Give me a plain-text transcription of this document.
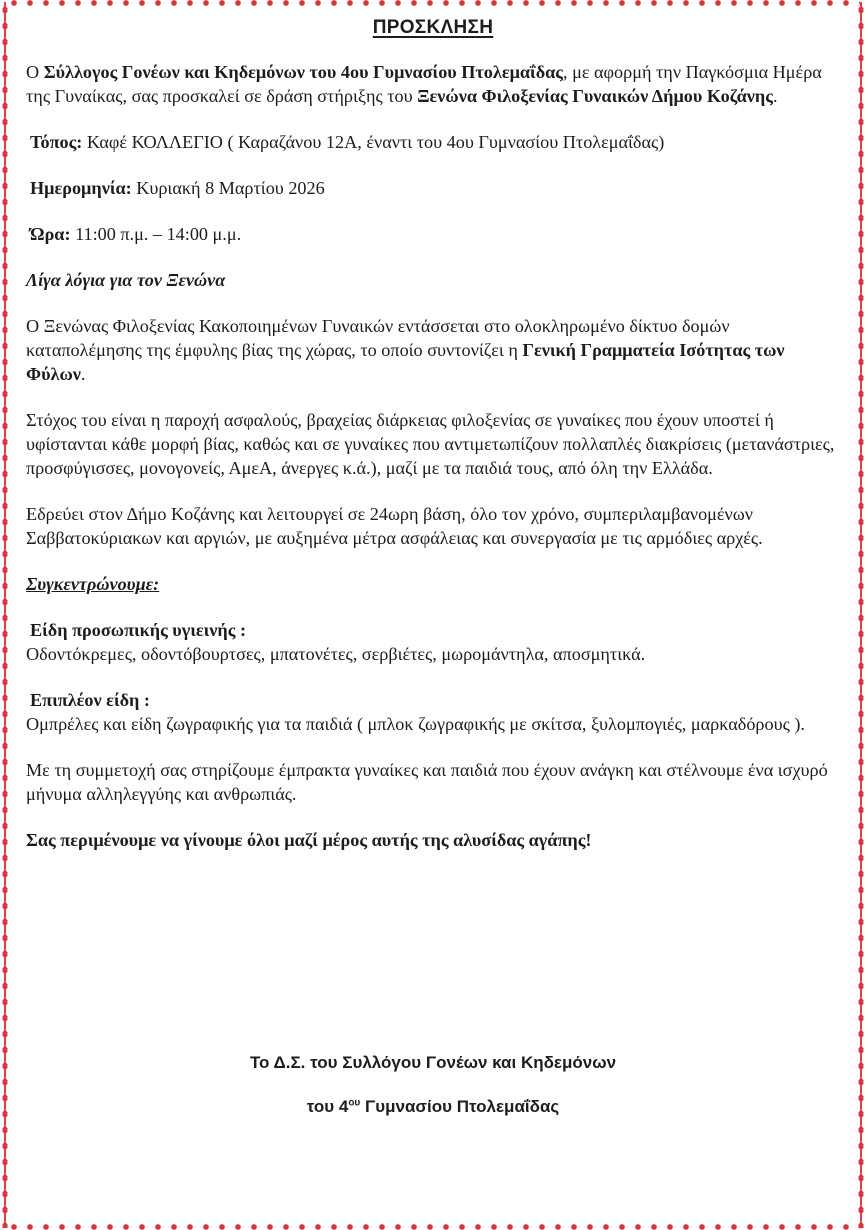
ΠΡΟΣΚΛΗΣΗ

Ο Σύλλογος Γονέων και Κηδεμόνων του 4ου Γυμνασίου Πτολεμαΐδας, με αφορμή την Παγκόσμια Ημέρα της Γυναίκας, σας προσκαλεί σε δράση στήριξης του Ξενώνα Φιλοξενίας Γυναικών Δήμου Κοζάνης.

Τόπος: Καφέ ΚΟΛΛΕΓΙΟ ( Καραζάνου 12Α, έναντι του 4ου Γυμνασίου Πτολεμαΐδας)

Ημερομηνία: Κυριακή 8 Μαρτίου 2026

Ώρα: 11:00 π.μ. – 14:00 μ.μ.

Λίγα λόγια για τον Ξενώνα

Ο Ξενώνας Φιλοξενίας Κακοποιημένων Γυναικών εντάσσεται στο ολοκληρωμένο δίκτυο δομών καταπολέμησης της έμφυλης βίας της χώρας, το οποίο συντονίζει η Γενική Γραμματεία Ισότητας των Φύλων.

Στόχος του είναι η παροχή ασφαλούς, βραχείας διάρκειας φιλοξενίας σε γυναίκες που έχουν υποστεί ή υφίστανται κάθε μορφή βίας, καθώς και σε γυναίκες που αντιμετωπίζουν πολλαπλές διακρίσεις (μετανάστριες, προσφύγισσες, μονογονείς, ΑμεΑ, άνεργες κ.ά.), μαζί με τα παιδιά τους, από όλη την Ελλάδα.

Εδρεύει στον Δήμο Κοζάνης και λειτουργεί σε 24ωρη βάση, όλο τον χρόνο, συμπεριλαμβανομένων Σαββατοκύριακων και αργιών, με αυξημένα μέτρα ασφάλειας και συνεργασία με τις αρμόδιες αρχές.

Συγκεντρώνουμε:

Είδη προσωπικής υγιεινής :

Οδοντόκρεμες, οδοντόβουρτσες, μπατονέτες, σερβιέτες, μωρομάντηλα, αποσμητικά.

Επιπλέον είδη :

Ομπρέλες και είδη ζωγραφικής για τα παιδιά ( μπλοκ ζωγραφικής με σκίτσα, ξυλομπογιές, μαρκαδόρους ).

Με τη συμμετοχή σας στηρίζουμε έμπρακτα γυναίκες και παιδιά που έχουν ανάγκη και στέλνουμε ένα ισχυρό μήνυμα αλληλεγγύης και ανθρωπιάς.

Σας περιμένουμε να γίνουμε όλοι μαζί μέρος αυτής της αλυσίδας αγάπης!

Το Δ.Σ. του Συλλόγου Γονέων και Κηδεμόνων

του $4^{o\upsilon}$ Γυμνασίου Πτολεμαΐδας
